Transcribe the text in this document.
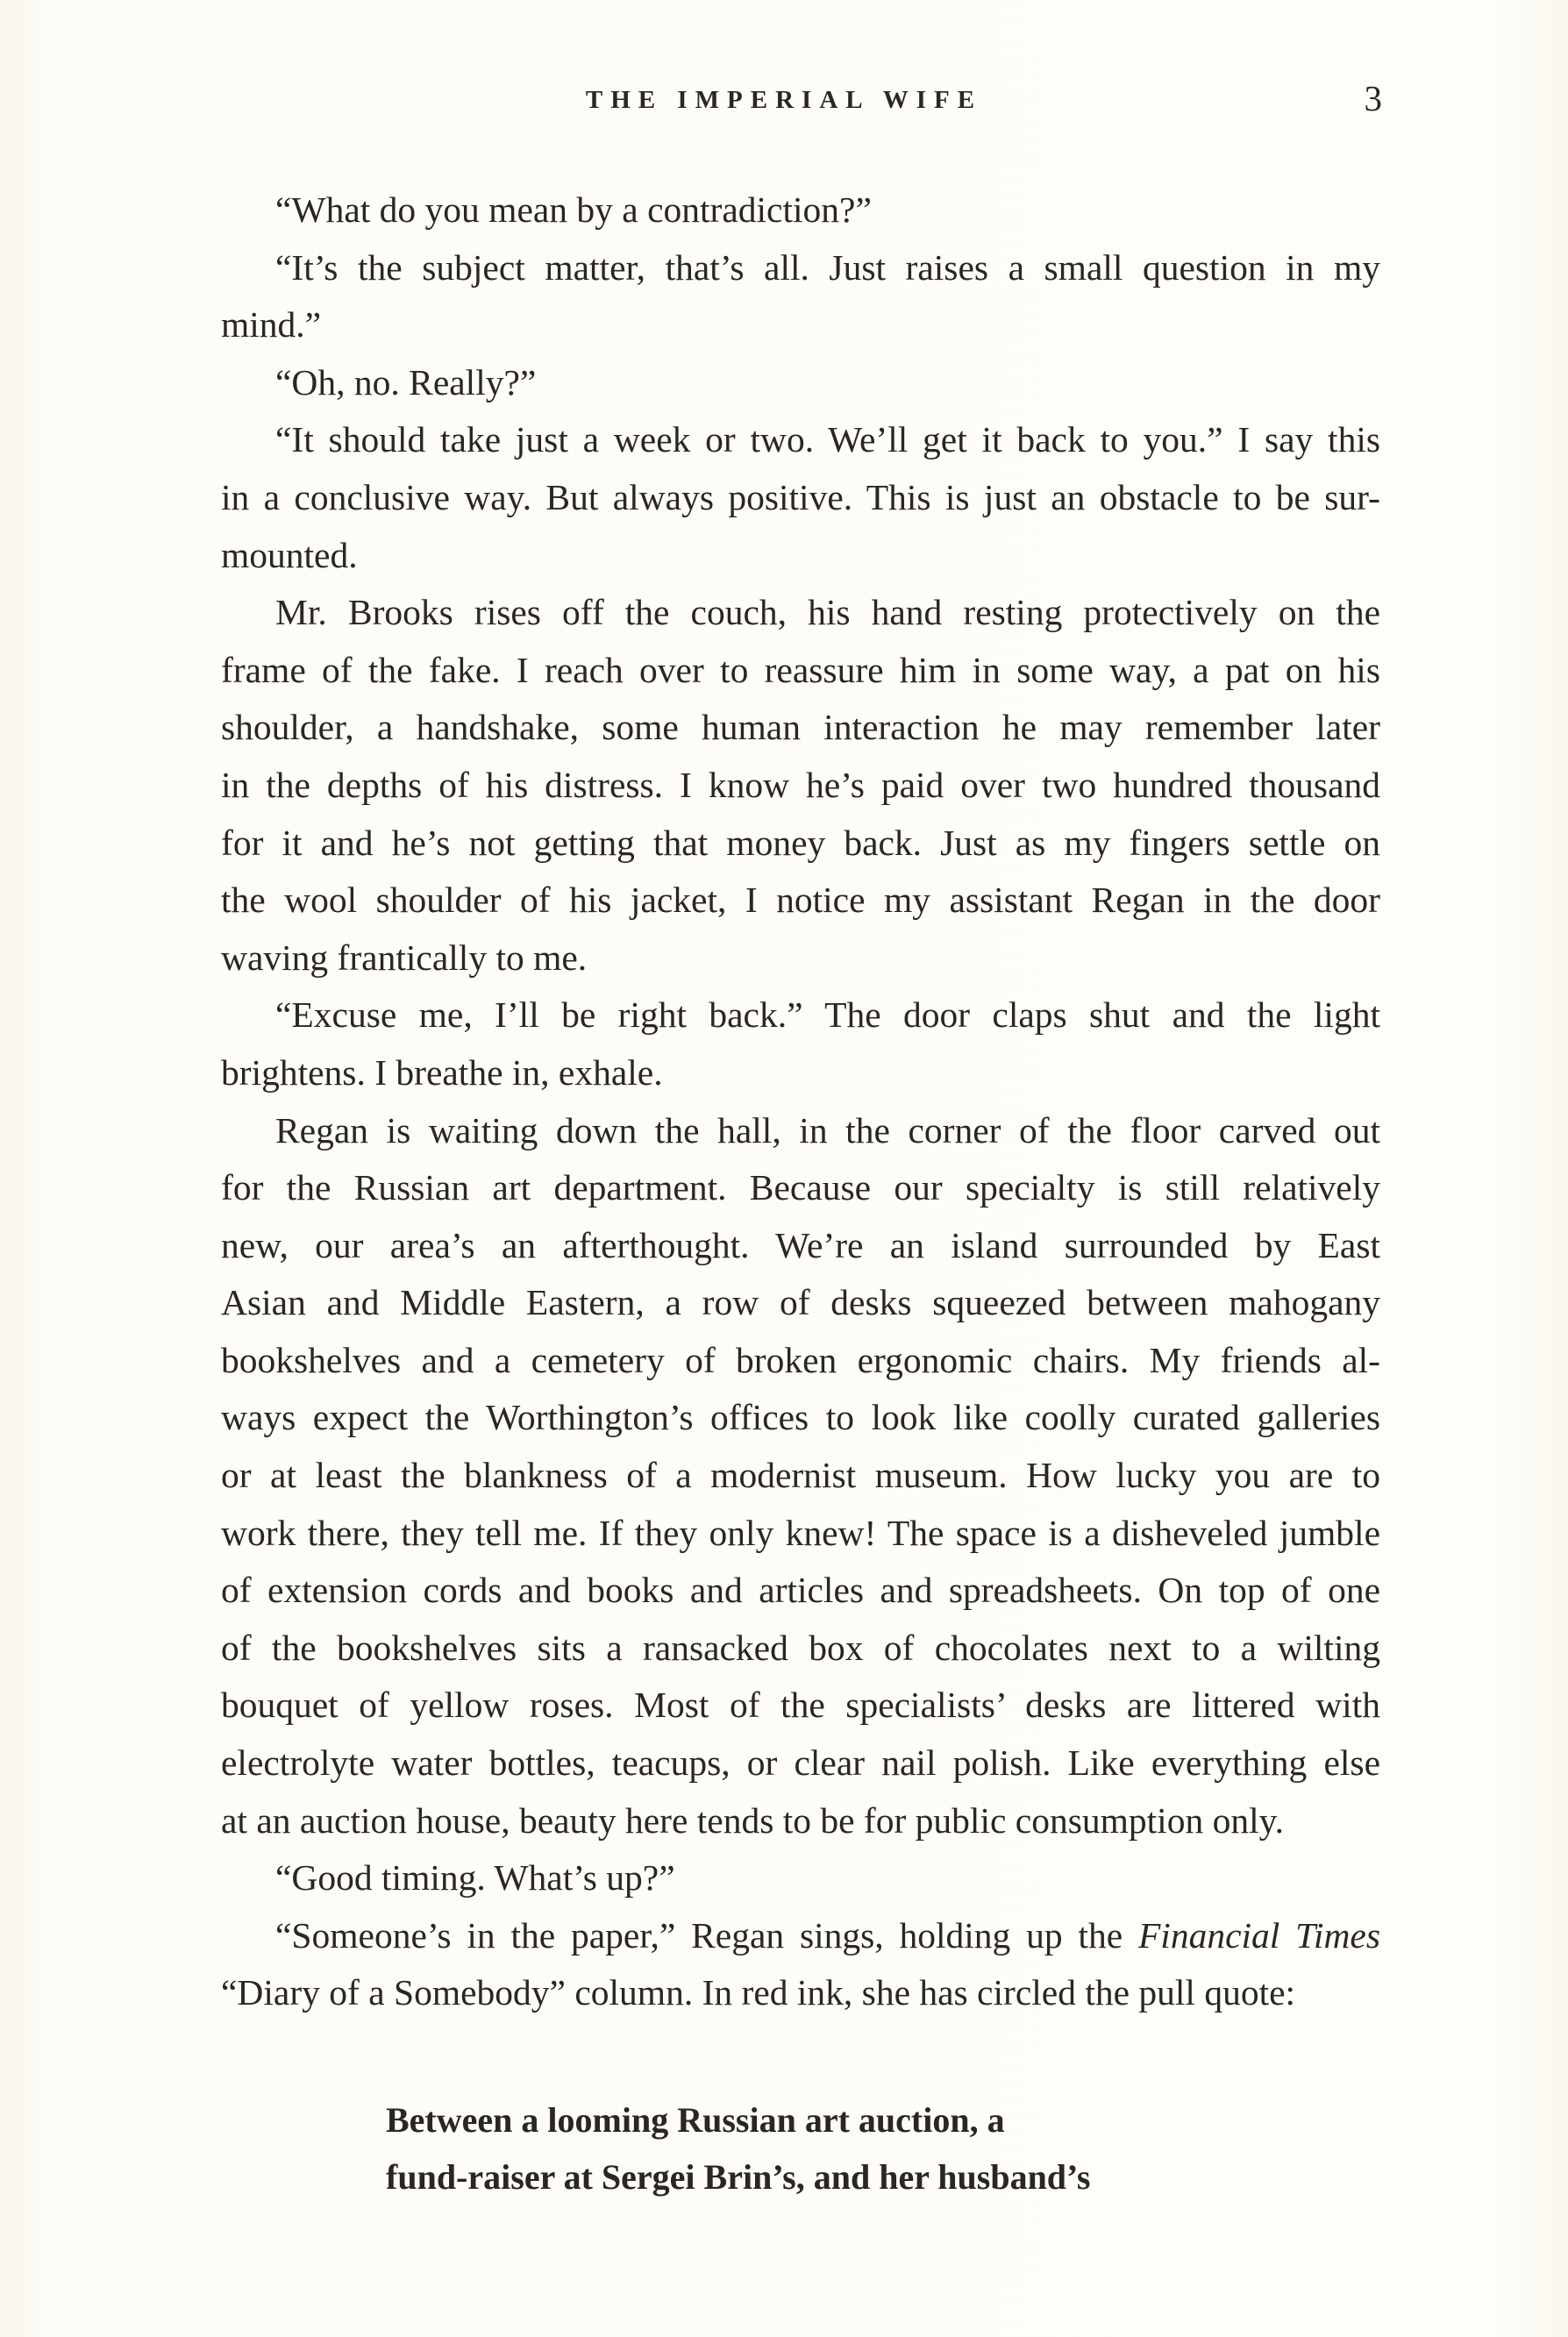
THE IMPERIAL WIFE	3
“What do you mean by a contradiction?”
“It’s the subject matter, that’s all. Just raises a small question in my
mind.”
“Oh, no. Really?”
“It should take just a week or two. We’ll get it back to you.” I say this
in a conclusive way. But always positive. This is just an obstacle to be sur-
mounted.
Mr. Brooks rises off the couch, his hand resting protectively on the
frame of the fake. I reach over to reassure him in some way, a pat on his
shoulder, a handshake, some human interaction he may remember later
in the depths of his distress. I know he’s paid over two hundred thousand
for it and he’s not getting that money back. Just as my fingers settle on
the wool shoulder of his jacket, I notice my assistant Regan in the door
waving frantically to me.
“Excuse me, I’ll be right back.” The door claps shut and the light
brightens. I breathe in, exhale.
Regan is waiting down the hall, in the corner of the floor carved out
for the Russian art department. Because our specialty is still relatively
new, our area’s an afterthought. We’re an island surrounded by East
Asian and Middle Eastern, a row of desks squeezed between mahogany
bookshelves and a cemetery of broken ergonomic chairs. My friends al-
ways expect the Worthington’s offices to look like coolly curated galleries
or at least the blankness of a modernist museum. How lucky you are to
work there, they tell me. If they only knew! The space is a disheveled jumble
of extension cords and books and articles and spreadsheets. On top of one
of the bookshelves sits a ransacked box of chocolates next to a wilting
bouquet of yellow roses. Most of the specialists’ desks are littered with
electrolyte water bottles, teacups, or clear nail polish. Like everything else
at an auction house, beauty here tends to be for public consumption only.
“Good timing. What’s up?”
“Someone’s in the paper,” Regan sings, holding up the Financial Times
“Diary of a Somebody” column. In red ink, she has circled the pull quote:
Between a looming Russian art auction, a
fund-raiser at Sergei Brin’s, and her husband’s
